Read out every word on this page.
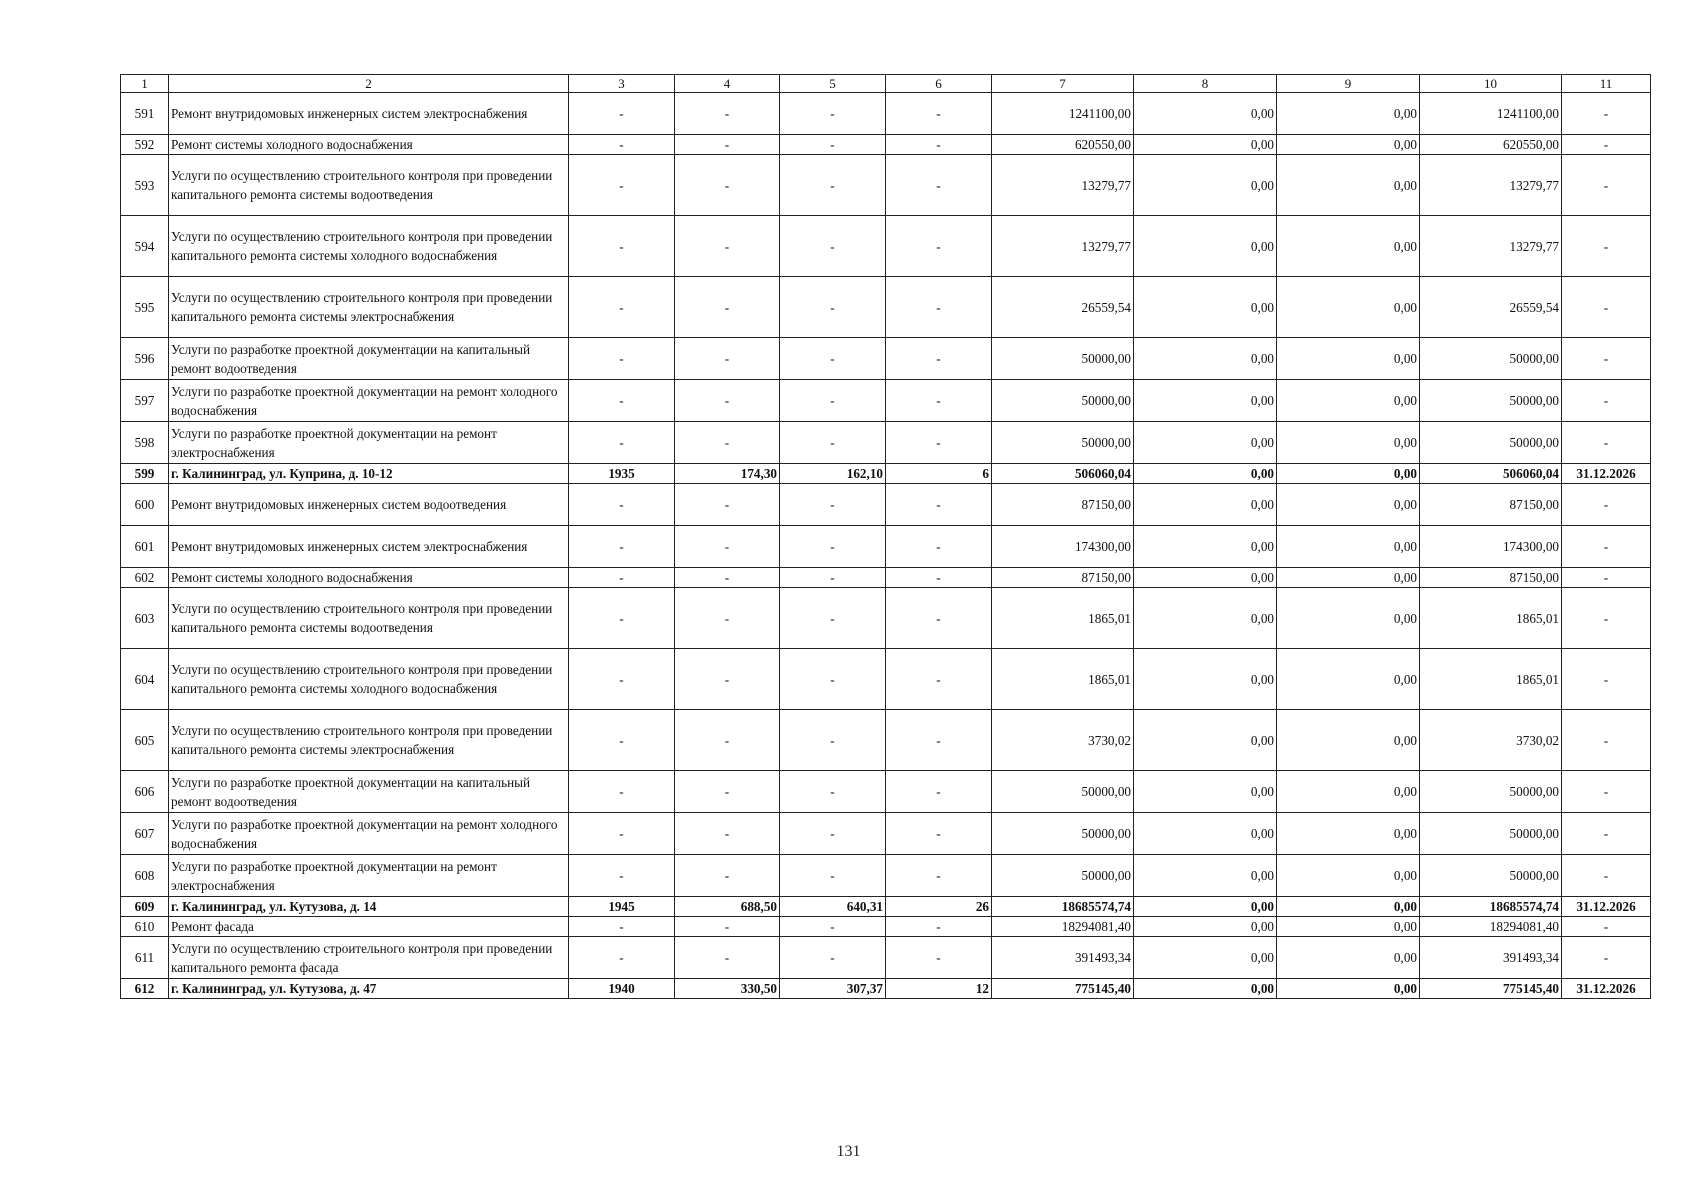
1	2	3	4	5	6	7	8	9	10	11
591	Ремонт внутридомовых инженерных систем электроснабжения	-	-	-	-	1241100,00	0,00	0,00	1241100,00	-
592	Ремонт системы холодного водоснабжения	-	-	-	-	620550,00	0,00	0,00	620550,00	-
593	Услуги по осуществлению строительного контроля при проведении капитального ремонта системы водоотведения	-	-	-	-	13279,77	0,00	0,00	13279,77	-
594	Услуги по осуществлению строительного контроля при проведении капитального ремонта системы холодного водоснабжения	-	-	-	-	13279,77	0,00	0,00	13279,77	-
595	Услуги по осуществлению строительного контроля при проведении капитального ремонта системы электроснабжения	-	-	-	-	26559,54	0,00	0,00	26559,54	-
596	Услуги по разработке проектной документации на капитальный ремонт водоотведения	-	-	-	-	50000,00	0,00	0,00	50000,00	-
597	Услуги по разработке проектной документации на ремонт холодного водоснабжения	-	-	-	-	50000,00	0,00	0,00	50000,00	-
598	Услуги по разработке проектной документации на ремонт электроснабжения	-	-	-	-	50000,00	0,00	0,00	50000,00	-
599	г. Калининград, ул. Куприна, д. 10-12	1935	174,30	162,10	6	506060,04	0,00	0,00	506060,04	31.12.2026
600	Ремонт внутридомовых инженерных систем водоотведения	-	-	-	-	87150,00	0,00	0,00	87150,00	-
601	Ремонт внутридомовых инженерных систем электроснабжения	-	-	-	-	174300,00	0,00	0,00	174300,00	-
602	Ремонт системы холодного водоснабжения	-	-	-	-	87150,00	0,00	0,00	87150,00	-
603	Услуги по осуществлению строительного контроля при проведении капитального ремонта системы водоотведения	-	-	-	-	1865,01	0,00	0,00	1865,01	-
604	Услуги по осуществлению строительного контроля при проведении капитального ремонта системы холодного водоснабжения	-	-	-	-	1865,01	0,00	0,00	1865,01	-
605	Услуги по осуществлению строительного контроля при проведении капитального ремонта системы электроснабжения	-	-	-	-	3730,02	0,00	0,00	3730,02	-
606	Услуги по разработке проектной документации на капитальный ремонт водоотведения	-	-	-	-	50000,00	0,00	0,00	50000,00	-
607	Услуги по разработке проектной документации на ремонт холодного водоснабжения	-	-	-	-	50000,00	0,00	0,00	50000,00	-
608	Услуги по разработке проектной документации на ремонт электроснабжения	-	-	-	-	50000,00	0,00	0,00	50000,00	-
609	г. Калининград, ул. Кутузова, д. 14	1945	688,50	640,31	26	18685574,74	0,00	0,00	18685574,74	31.12.2026
610	Ремонт фасада	-	-	-	-	18294081,40	0,00	0,00	18294081,40	-
611	Услуги по осуществлению строительного контроля при проведении капитального ремонта фасада	-	-	-	-	391493,34	0,00	0,00	391493,34	-
612	г. Калининград, ул. Кутузова, д. 47	1940	330,50	307,37	12	775145,40	0,00	0,00	775145,40	31.12.2026
131
